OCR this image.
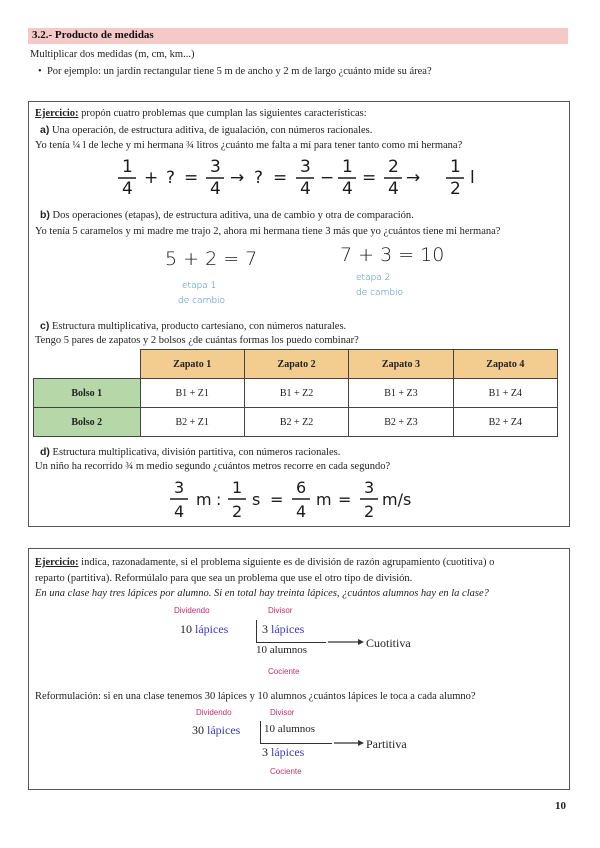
3.2.- Producto de medidas
Multiplicar dos medidas (m, cm, km...)
•  Por ejemplo: un jardín rectangular tiene 5 m de ancho y 2 m de largo ¿cuánto mide su área?
Ejercicio: propón cuatro problemas que cumplan las siguientes características:
a) Una operación, de estructura aditiva, de igualación, con números racionales.
Yo tenía ¼ l de leche y mi hermana ¾ litros ¿cuánto me falta a mí para tener tanto como mi hermana?
1
4
+ ? =
3
4
→ ? =
3
4
−
1
4
=
2
4
→
1
2
l
b) Dos operaciones (etapas), de estructura aditiva, una de cambio y otra de comparación.
Yo tenía 5 caramelos y mi madre me trajo 2, ahora mi hermana tiene 3 más que yo ¿cuántos tiene mi hermana?
5 + 2 = 7
etapa 1
de cambio
7 + 3 = 10
etapa 2
de cambio
c) Estructura multiplicativa, producto cartesiano, con números naturales.
Tengo 5 pares de zapatos y 2 bolsos ¿de cuántas formas los puedo combinar?
	Zapato 1	Zapato 2	Zapato 3	Zapato 4
Bolso 1	B1 + Z1	B1 + Z2	B1 + Z3	B1 + Z4
Bolso 2	B2 + Z1	B2 + Z2	B2 + Z3	B2 + Z4
d) Estructura multiplicativa, división partitiva, con números racionales.
Un niño ha recorrido ¾ m medio segundo ¿cuántos metros recorre en cada segundo?
3
4
m :
1
2
s =
6
4
m =
3
2
m/s
Ejercicio: indica, razonadamente, si el problema siguiente es de división de razón agrupamiento (cuotitiva) o
reparto (partitiva). Reformúlalo para que sea un problema que use el otro tipo de división.
En una clase hay tres lápices por alumno. Si en total hay treinta lápices, ¿cuántos alumnos hay en la clase?
Dividendo	Divisor
10 lápices	3 lápices
10 alumnos
Cociente
Cuotitiva
Reformulación: si en una clase tenemos 30 lápices y 10 alumnos ¿cuántos lápices le toca a cada alumno?
Dividendo	Divisor
30 lápices 10 alumnos
3 lápices
Cociente
Partitiva
10
